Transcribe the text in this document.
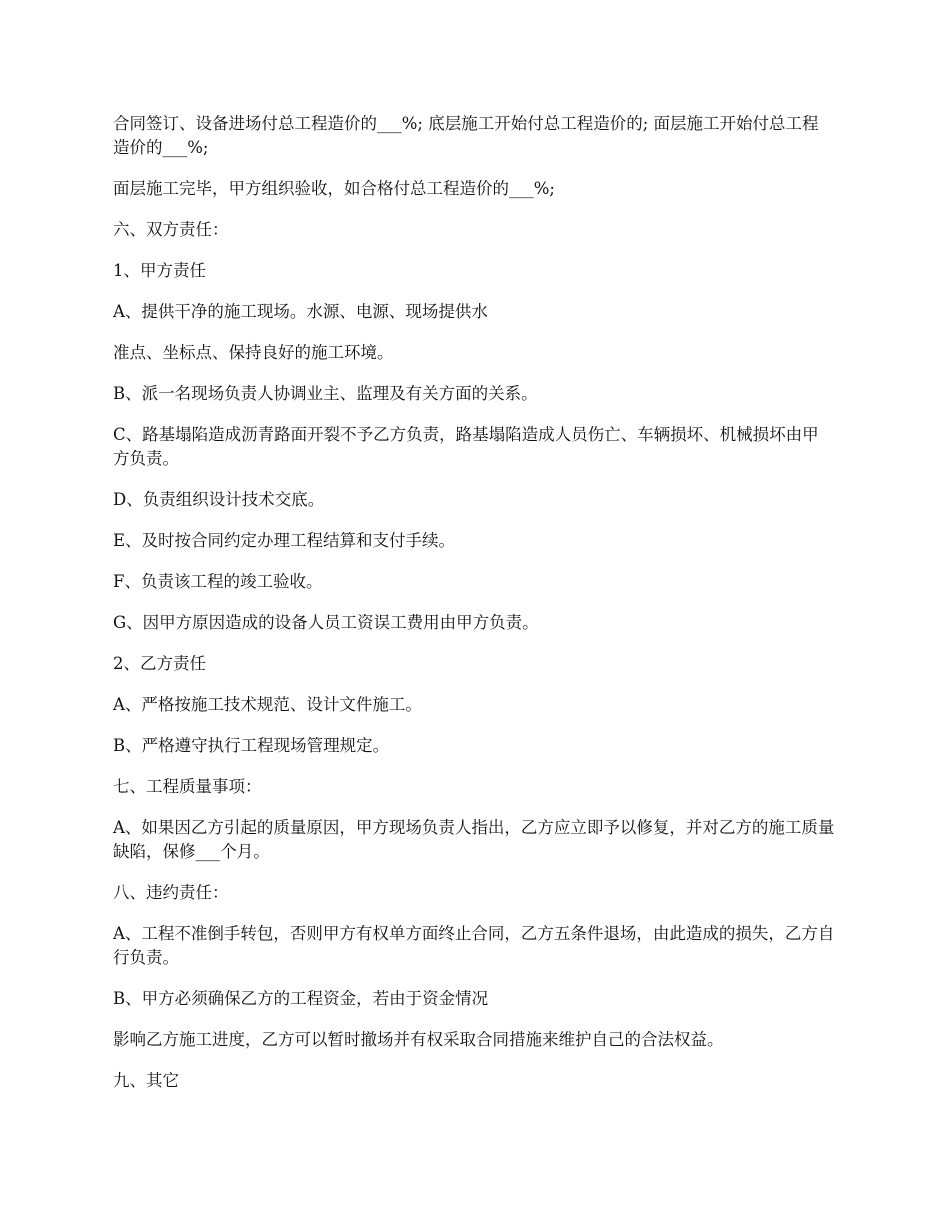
合同签订、设备进场付总工程造价的___%; 底层施工开始付总工程造价的; 面层施工开始付总工程造价的___%;

面层施工完毕，甲方组织验收，如合格付总工程造价的___%;

六、双方责任：

1、甲方责任

A、提供干净的施工现场。水源、电源、现场提供水

准点、坐标点、保持良好的施工环境。

B、派一名现场负责人协调业主、监理及有关方面的关系。

C、路基塌陷造成沥青路面开裂不予乙方负责，路基塌陷造成人员伤亡、车辆损坏、机械损坏由甲方负责。

D、负责组织设计技术交底。

E、及时按合同约定办理工程结算和支付手续。

F、负责该工程的竣工验收。

G、因甲方原因造成的设备人员工资误工费用由甲方负责。

2、乙方责任

A、严格按施工技术规范、设计文件施工。

B、严格遵守执行工程现场管理规定。

七、工程质量事项：

A、如果因乙方引起的质量原因，甲方现场负责人指出，乙方应立即予以修复，并对乙方的施工质量缺陷，保修___个月。

八、违约责任：

A、工程不准倒手转包，否则甲方有权单方面终止合同，乙方五条件退场，由此造成的损失，乙方自行负责。

B、甲方必须确保乙方的工程资金，若由于资金情况

影响乙方施工进度，乙方可以暂时撤场并有权采取合同措施来维护自己的合法权益。

九、其它
